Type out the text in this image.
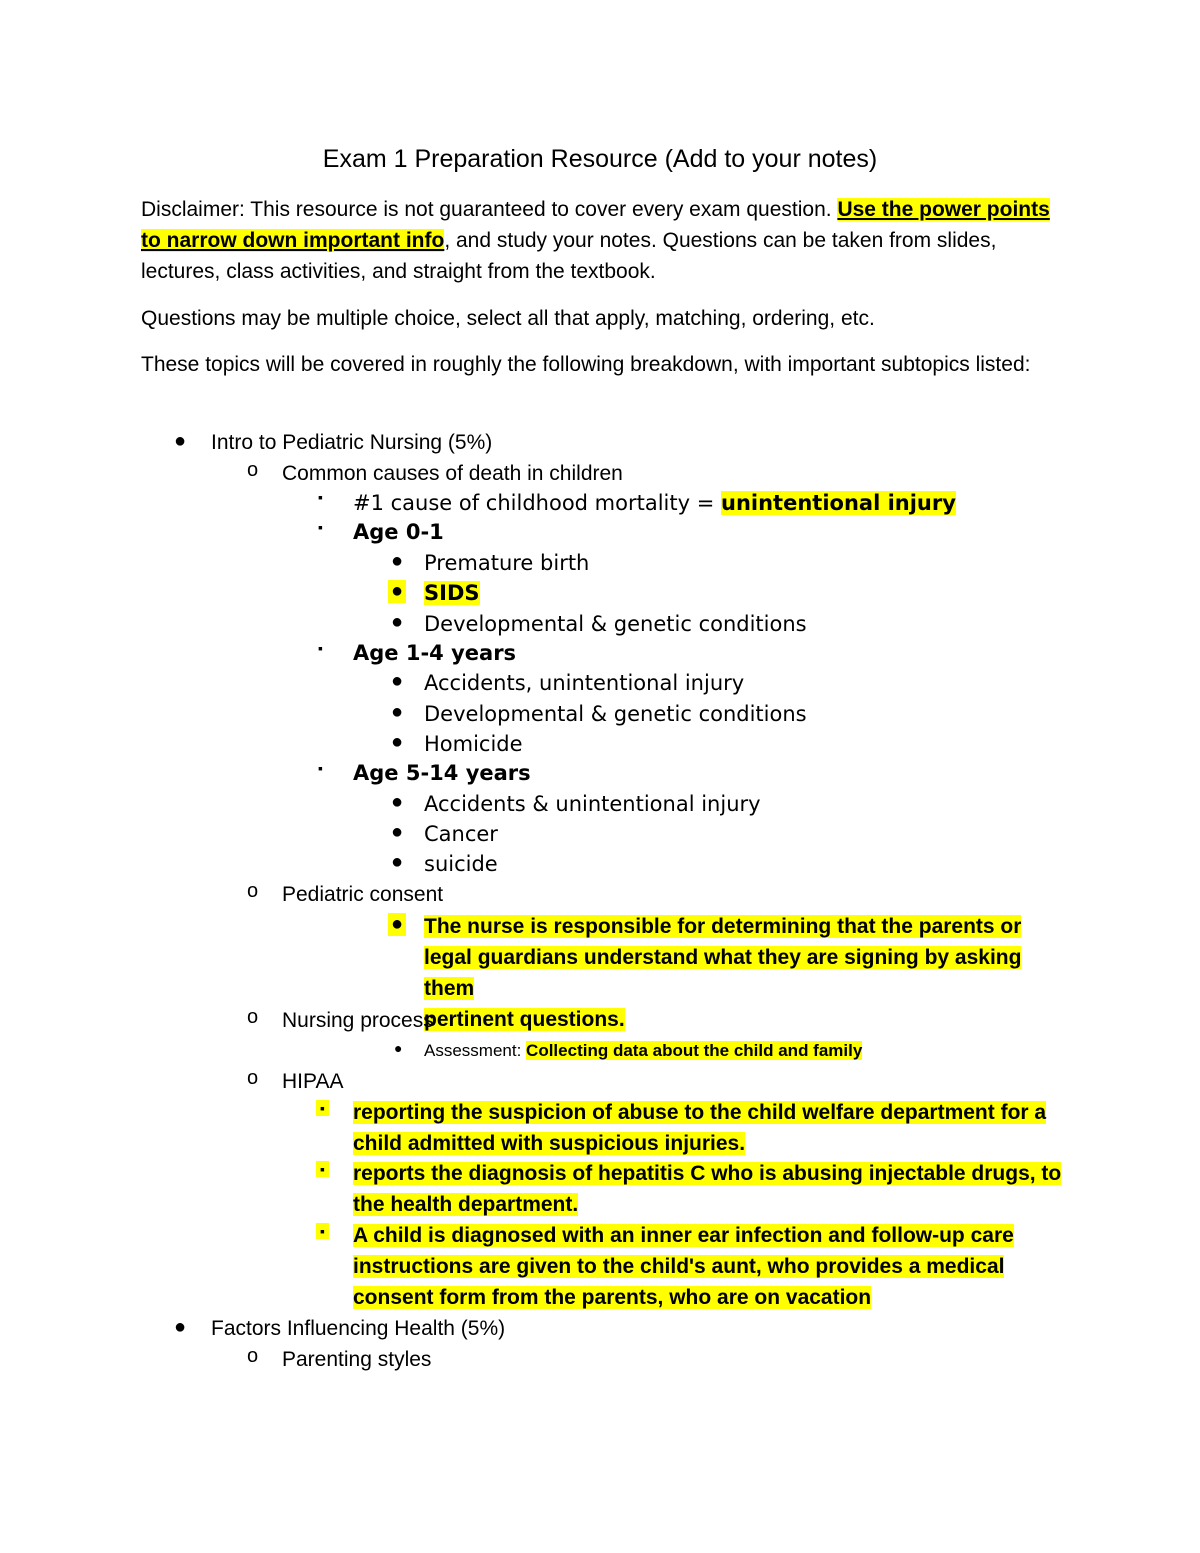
Exam 1 Preparation Resource (Add to your notes)
Disclaimer: This resource is not guaranteed to cover every exam question. Use the power points to narrow down important info, and study your notes. Questions can be taken from slides, lectures, class activities, and straight from the textbook.
Questions may be multiple choice, select all that apply, matching, ordering, etc.
These topics will be covered in roughly the following breakdown, with important subtopics listed:
● Intro to Pediatric Nursing (5%)
o Common causes of death in children
▪ #1 cause of childhood mortality = unintentional injury
▪ Age 0-1
● Premature birth
● SIDS
● Developmental & genetic conditions
▪ Age 1-4 years
● Accidents, unintentional injury
● Developmental & genetic conditions
● Homicide
▪ Age 5-14 years
● Accidents & unintentional injury
● Cancer
● suicide
o Pediatric consent
● The nurse is responsible for determining that the parents or
legal guardians understand what they are signing by asking them
pertinent questions.
o Nursing process
● Assessment: Collecting data about the child and family
o HIPAA
▪ reporting the suspicion of abuse to the child welfare department for a
child admitted with suspicious injuries.
▪ reports the diagnosis of hepatitis C who is abusing injectable drugs, to
the health department.
▪ A child is diagnosed with an inner ear infection and follow-up care
instructions are given to the child's aunt, who provides a medical
consent form from the parents, who are on vacation
● Factors Influencing Health (5%)
o Parenting styles
